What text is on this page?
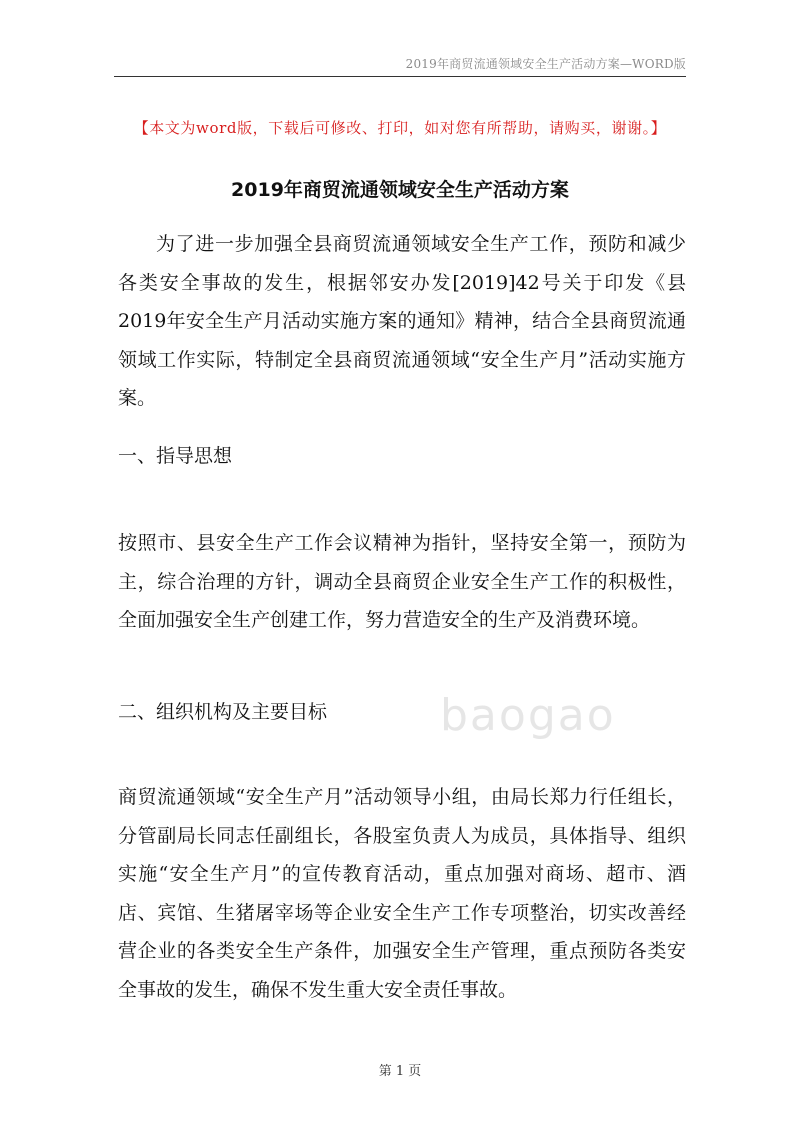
2019年商贸流通领域安全生产活动方案—WORD版
【本文为word版，下载后可修改、打印，如对您有所帮助，请购买，谢谢。】
2019年商贸流通领域安全生产活动方案

为了进一步加强全县商贸流通领域安全生产工作，预防和减少各类安全事故的发生，根据邻安办发[2019]42号关于印发《县2019年安全生产月活动实施方案的通知》精神，结合全县商贸流通领域工作实际，特制定全县商贸流通领域“安全生产月”活动实施方案。

一、指导思想

按照市、县安全生产工作会议精神为指针，坚持安全第一，预防为主，综合治理的方针，调动全县商贸企业安全生产工作的积极性，全面加强安全生产创建工作，努力营造安全的生产及消费环境。

二、组织机构及主要目标

商贸流通领域“安全生产月”活动领导小组，由局长郑力行任组长，分管副局长同志任副组长，各股室负责人为成员，具体指导、组织实施“安全生产月”的宣传教育活动，重点加强对商场、超市、酒店、宾馆、生猪屠宰场等企业安全生产工作专项整治，切实改善经营企业的各类安全生产条件，加强安全生产管理，重点预防各类安全事故的发生，确保不发生重大安全责任事故。

baogao
第 1 页
